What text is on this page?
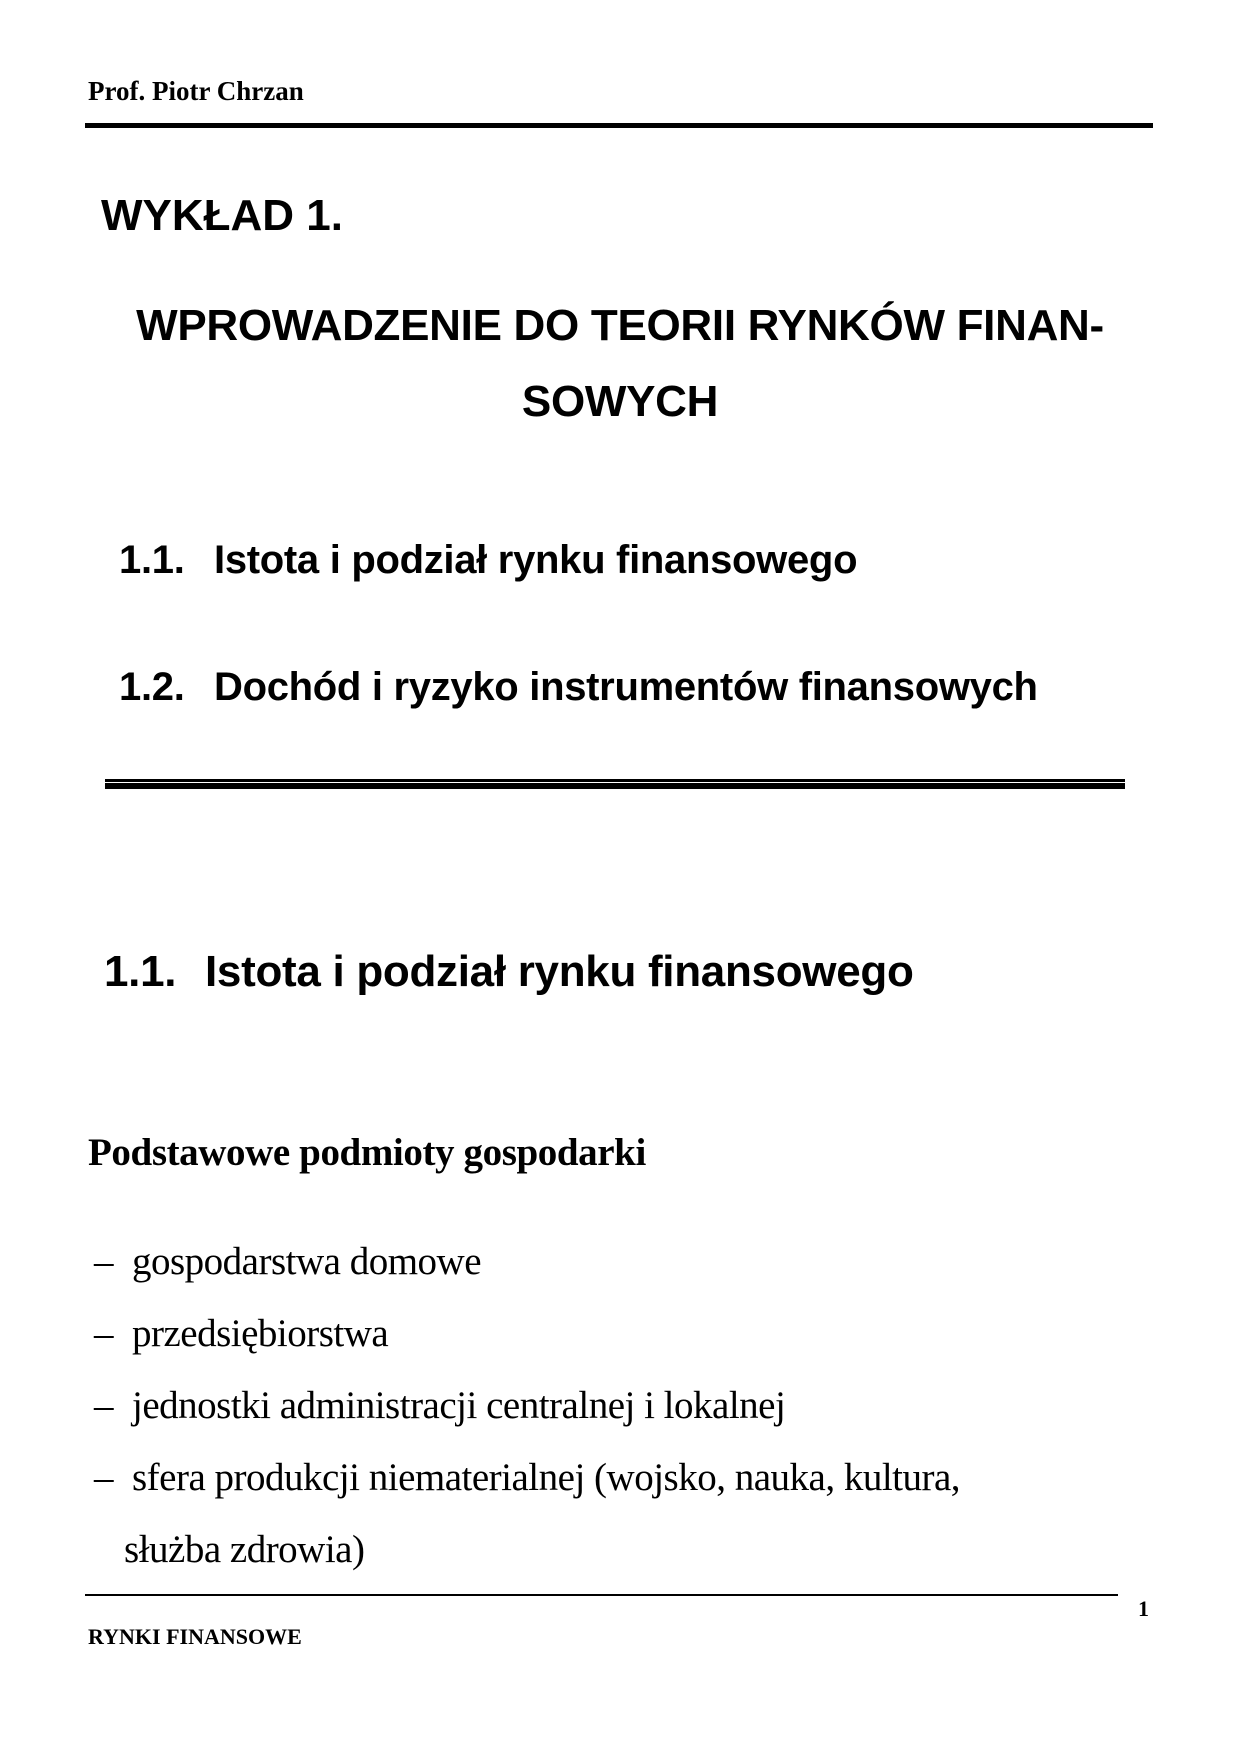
Prof. Piotr Chrzan
WYKŁAD 1.
WPROWADZENIE DO TEORII RYNKÓW FINAN-
SOWYCH
1.1. Istota i podział rynku finansowego
1.2. Dochód i ryzyko instrumentów finansowych
1.1. Istota i podział rynku finansowego
Podstawowe podmioty gospodarki
– gospodarstwa domowe
– przedsiębiorstwa
– jednostki administracji centralnej i lokalnej
– sfera produkcji niematerialnej (wojsko, nauka, kultura,
służba zdrowia)
1
RYNKI FINANSOWE
